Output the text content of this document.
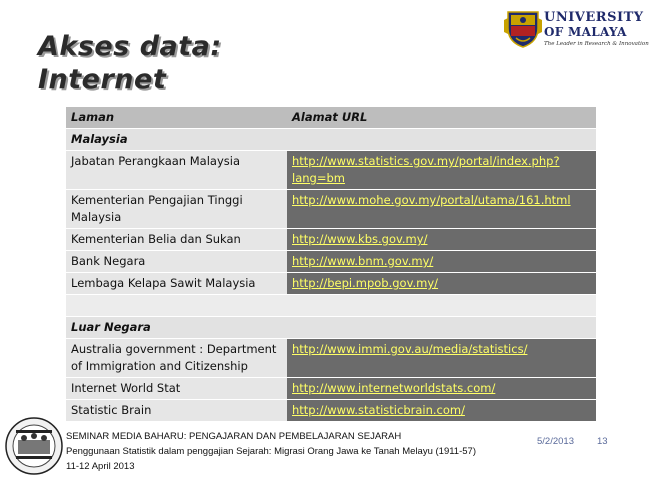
Akses data:
Internet
UNIVERSITY
OF MALAYA
The Leader in Research & Innovation
Laman	Alamat URL
Malaysia	
Jabatan Perangkaan Malaysia	http://www.statistics.gov.my/portal/index.php?lang=bm
Kementerian Pengajian Tinggi Malaysia	http://www.mohe.gov.my/portal/utama/161.html
Kementerian Belia dan Sukan	http://www.kbs.gov.my/
Bank Negara	http://www.bnm.gov.my/
Lembaga Kelapa Sawit Malaysia	http://bepi.mpob.gov.my/

Luar Negara	
Australia government : Department of Immigration and Citizenship	http://www.immi.gov.au/media/statistics/
Internet World Stat	http://www.internetworldstats.com/
Statistic Brain	http://www.statisticbrain.com/
SEMINAR MEDIA BAHARU: PENGAJARAN DAN PEMBELAJARAN SEJARAH
Penggunaan Statistik dalam penggajian Sejarah: Migrasi Orang Jawa ke Tanah Melayu (1911-57)
11-12 April 2013
5/2/2013 13
